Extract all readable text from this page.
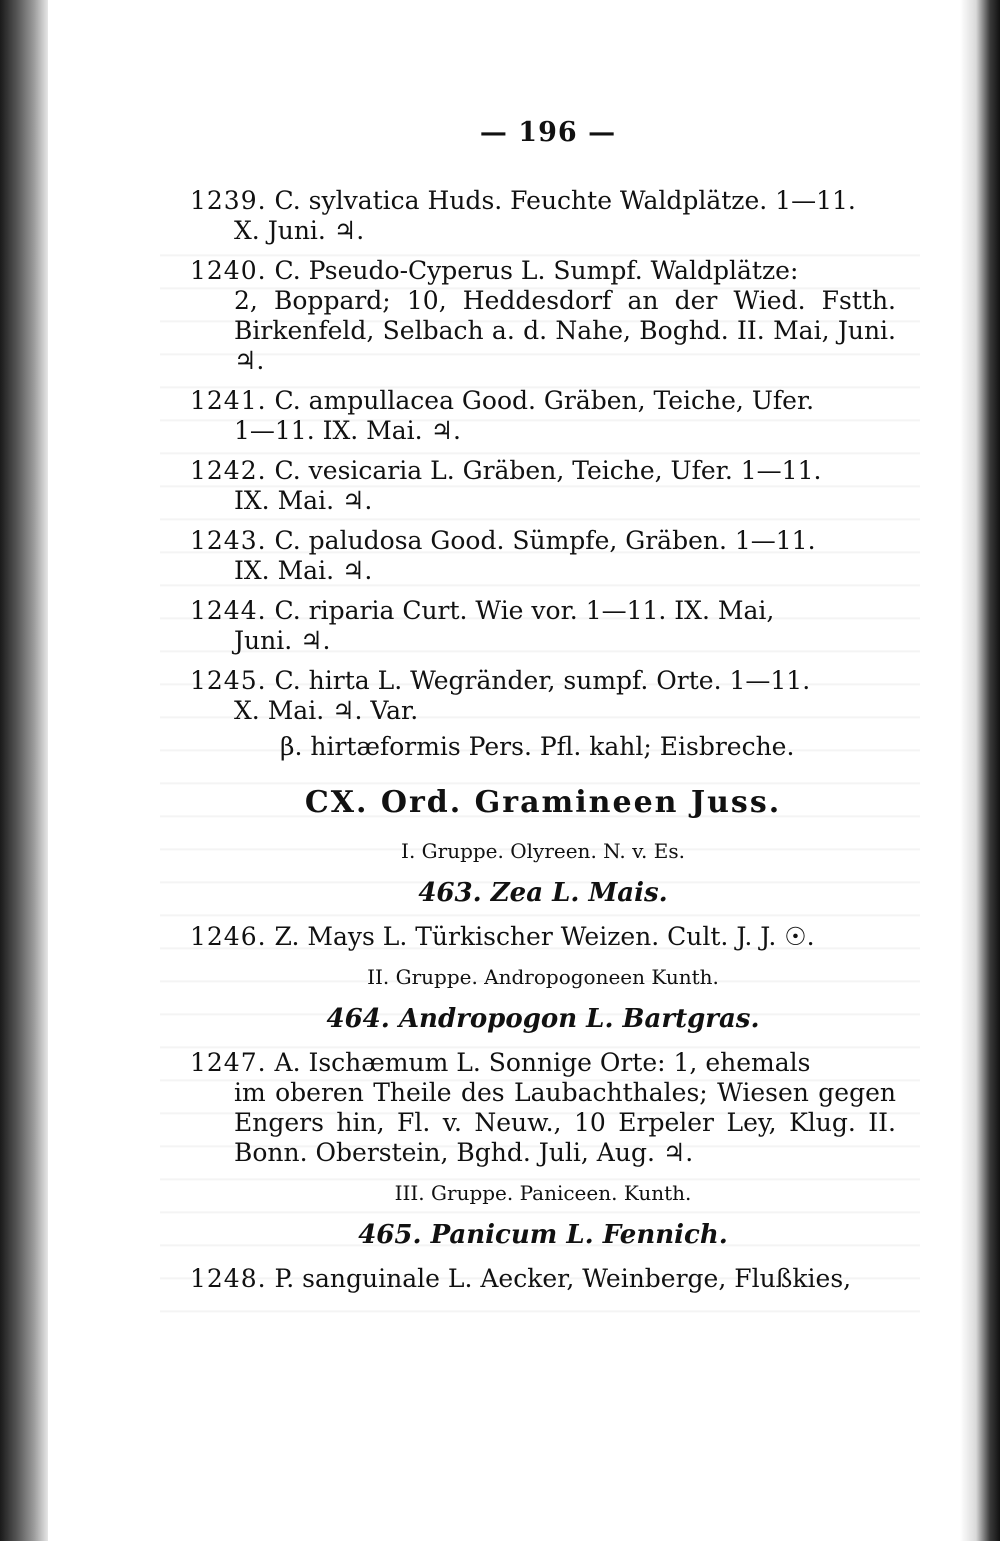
— 196 —
1239. C. sylvatica Huds. Feuchte Waldplätze. 1—11.
X. Juni. ♃.
1240. C. Pseudo-Cyperus L. Sumpf. Waldplätze:
2, Boppard; 10, Heddesdorf an der Wied. Fstth. Birkenfeld, Selbach a. d. Nahe, Boghd. II. Mai, Juni. ♃.
1241. C. ampullacea Good. Gräben, Teiche, Ufer.
1—11. IX. Mai. ♃.
1242. C. vesicaria L. Gräben, Teiche, Ufer. 1—11.
IX. Mai. ♃.
1243. C. paludosa Good. Sümpfe, Gräben. 1—11.
IX. Mai. ♃.
1244. C. riparia Curt. Wie vor. 1—11. IX. Mai,
Juni. ♃.
1245. C. hirta L. Wegränder, sumpf. Orte. 1—11.
X. Mai. ♃. Var.
β. hirtæformis Pers. Pfl. kahl; Eisbreche.
CX. Ord. Gramineen Juss.
I. Gruppe. Olyreen. N. v. Es.
463. Zea L. Mais.
1246. Z. Mays L. Türkischer Weizen. Cult. J. J. ☉.
II. Gruppe. Andropogoneen Kunth.
464. Andropogon L. Bartgras.
1247. A. Ischæmum L. Sonnige Orte: 1, ehemals
im oberen Theile des Laubachthales; Wiesen gegen Engers hin, Fl. v. Neuw., 10 Erpeler Ley, Klug. II. Bonn. Oberstein, Bghd. Juli, Aug. ♃.
III. Gruppe. Paniceen. Kunth.
465. Panicum L. Fennich.
1248. P. sanguinale L. Aecker, Weinberge, Flußkies,
